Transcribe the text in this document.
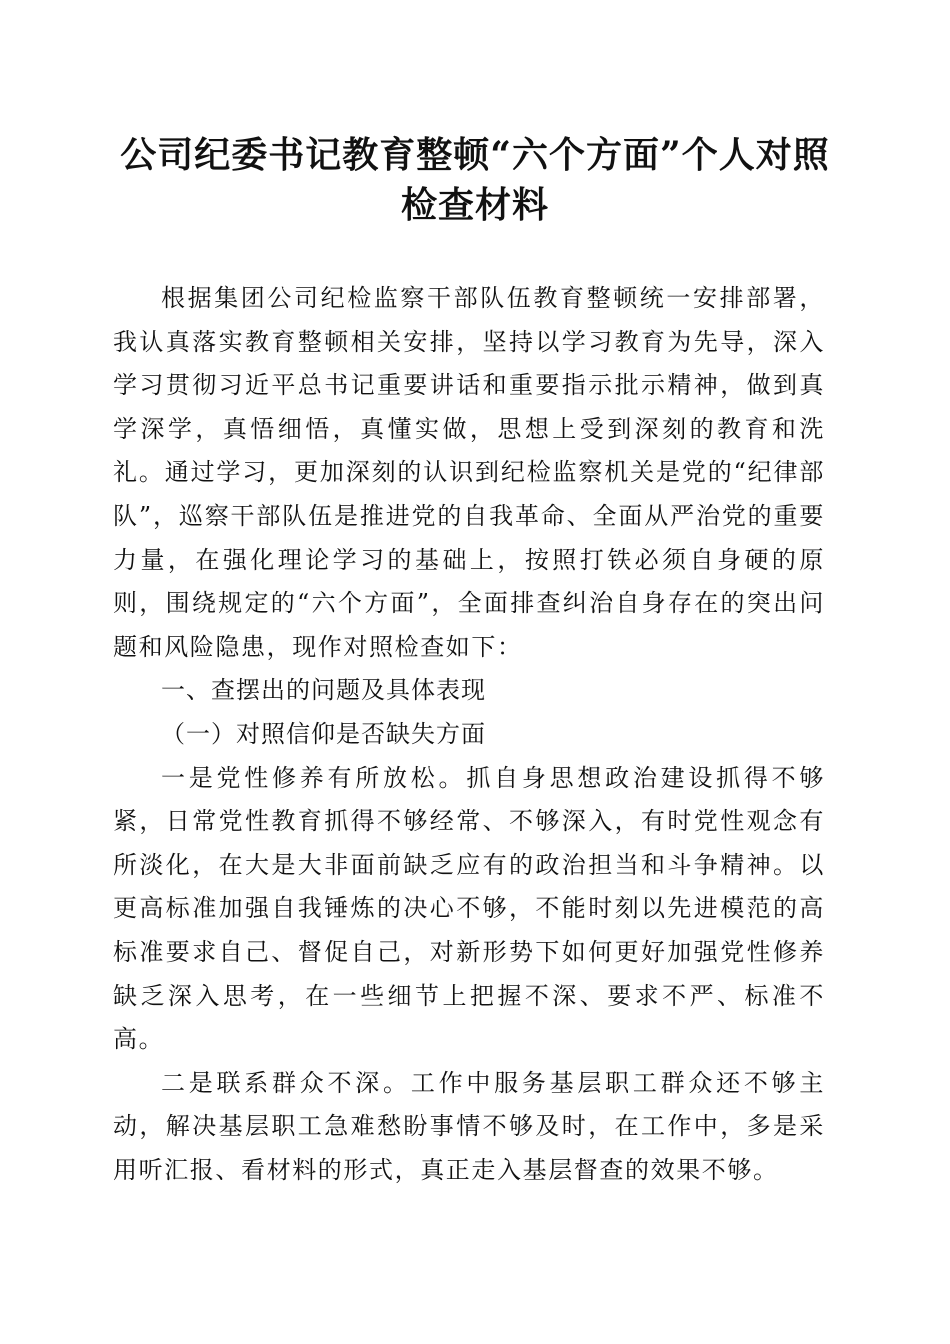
公司纪委书记教育整顿“六个方面”个人对照检查材料

根据集团公司纪检监察干部队伍教育整顿统一安排部署，我认真落实教育整顿相关安排，坚持以学习教育为先导，深入学习贯彻习近平总书记重要讲话和重要指示批示精神，做到真学深学，真悟细悟，真懂实做，思想上受到深刻的教育和洗礼。通过学习，更加深刻的认识到纪检监察机关是党的“纪律部队”，巡察干部队伍是推进党的自我革命、全面从严治党的重要力量，在强化理论学习的基础上，按照打铁必须自身硬的原则，围绕规定的“六个方面”，全面排查纠治自身存在的突出问题和风险隐患，现作对照检查如下：

一、查摆出的问题及具体表现

（一）对照信仰是否缺失方面

一是党性修养有所放松。抓自身思想政治建设抓得不够紧，日常党性教育抓得不够经常、不够深入，有时党性观念有所淡化，在大是大非面前缺乏应有的政治担当和斗争精神。以更高标准加强自我锤炼的决心不够，不能时刻以先进模范的高标准要求自己、督促自己，对新形势下如何更好加强党性修养缺乏深入思考，在一些细节上把握不深、要求不严、标准不高。

二是联系群众不深。工作中服务基层职工群众还不够主动，解决基层职工急难愁盼事情不够及时，在工作中，多是采用听汇报、看材料的形式，真正走入基层督查的效果不够。
